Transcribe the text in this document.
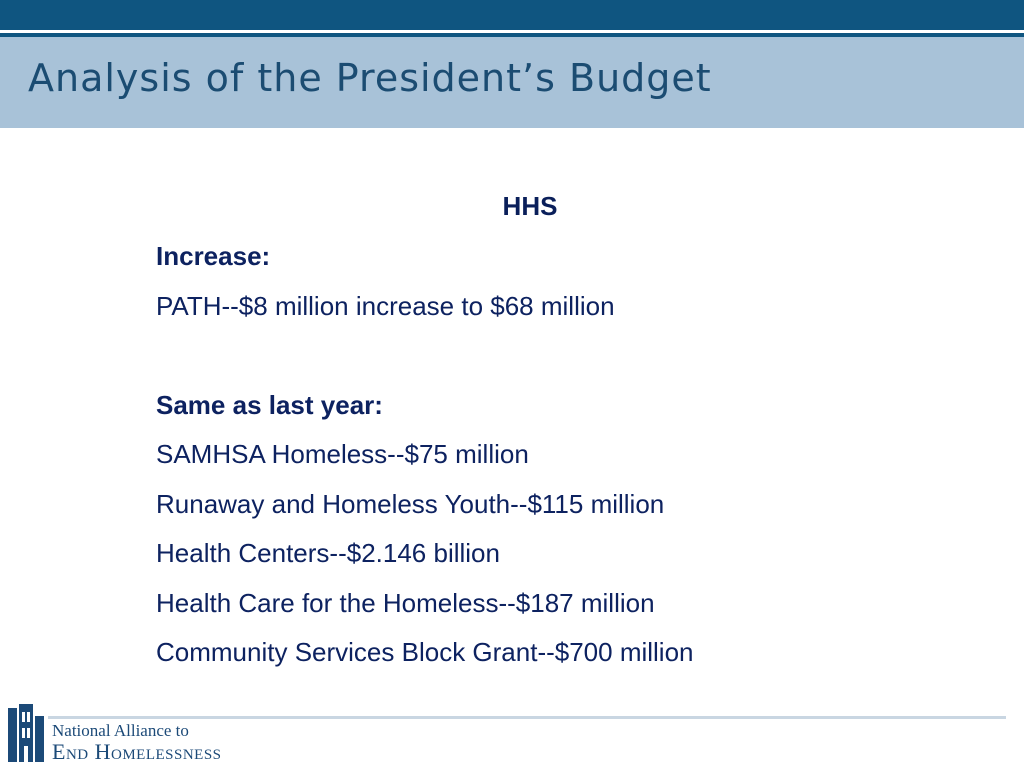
Analysis of the President’s Budget
HHS
Increase:
PATH--$8 million increase to $68 million
Same as last year:
SAMHSA Homeless--$75 million
Runaway and Homeless Youth--$115 million
Health Centers--$2.146 billion
Health Care for the Homeless--$187 million
Community Services Block Grant--$700 million
National Alliance to
End Homelessness
